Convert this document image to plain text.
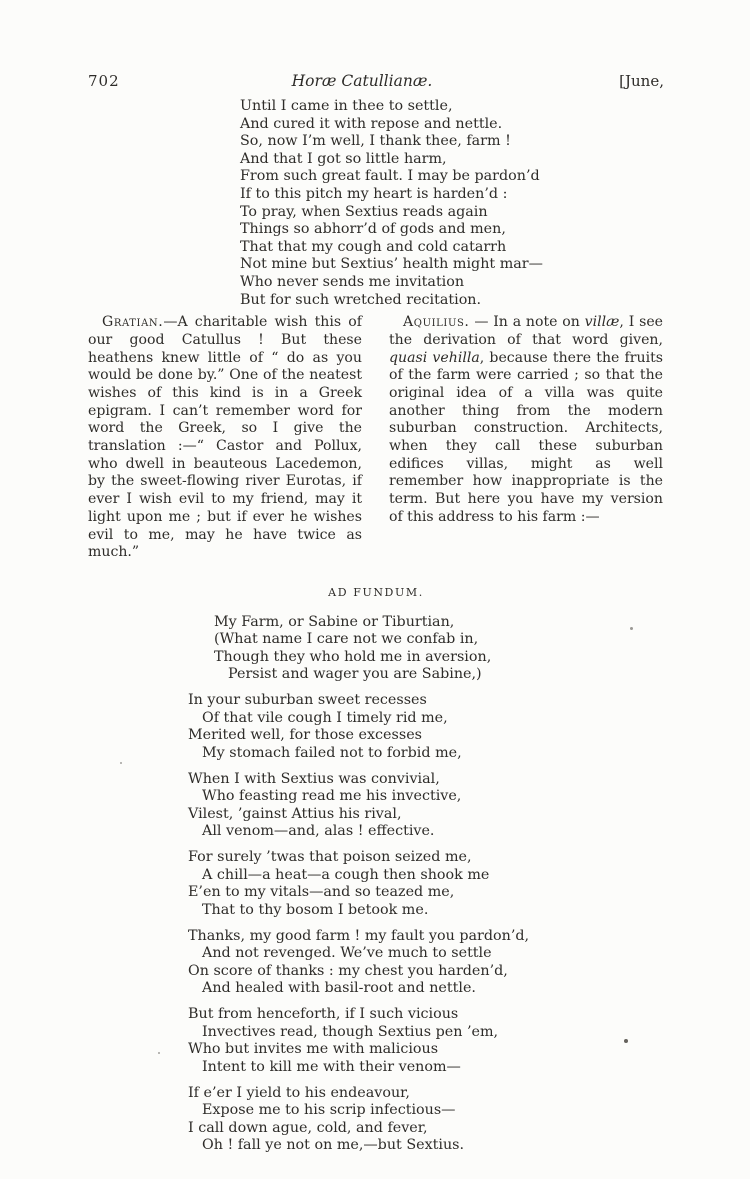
702	Horæ Catullianæ.	[June,
Until I came in thee to settle,
And cured it with repose and nettle.
So, now I’m well, I thank thee, farm !
And that I got so little harm,
From such great fault. I may be pardon’d
If to this pitch my heart is harden’d :
To pray, when Sextius reads again
Things so abhorr’d of gods and men,
That that my cough and cold catarrh
Not mine but Sextius’ health might mar—
Who never sends me invitation
But for such wretched recitation.

Gratian.—A charitable wish this of our good Catullus ! But these heathens knew little of “ do as you would be done by.” One of the neatest wishes of this kind is in a Greek epigram. I can’t remember word for word the Greek, so I give the translation :—“ Castor and Pollux, who dwell in beauteous Lacedemon, by the sweet-flowing river Eurotas, if ever I wish evil to my friend, may it light upon me ; but if ever he wishes evil to me, may he have twice as much.”

Aquilius. — In a note on villæ, I see the derivation of that word given, quasi vehilla, because there the fruits of the farm were carried ; so that the original idea of a villa was quite another thing from the modern suburban construction. Architects, when they call these suburban edifices villas, might as well remember how inappropriate is the term. But here you have my version of this address to his farm :—

AD FUNDUM.
My Farm, or Sabine or Tiburtian,
(What name I care not we confab in,
Though they who hold me in aversion,
Persist and wager you are Sabine,)
In your suburban sweet recesses
Of that vile cough I timely rid me,
Merited well, for those excesses
My stomach failed not to forbid me,
When I with Sextius was convivial,
Who feasting read me his invective,
Vilest, ’gainst Attius his rival,
All venom—and, alas ! effective.
For surely ’twas that poison seized me,
A chill—a heat—a cough then shook me
E’en to my vitals—and so teazed me,
That to thy bosom I betook me.
Thanks, my good farm ! my fault you pardon’d,
And not revenged. We’ve much to settle
On score of thanks : my chest you harden’d,
And healed with basil-root and nettle.
But from henceforth, if I such vicious
Invectives read, though Sextius pen ’em,
Who but invites me with malicious
Intent to kill me with their venom—
If e’er I yield to his endeavour,
Expose me to his scrip infectious—
I call down ague, cold, and fever,
Oh ! fall ye not on me,—but Sextius.
